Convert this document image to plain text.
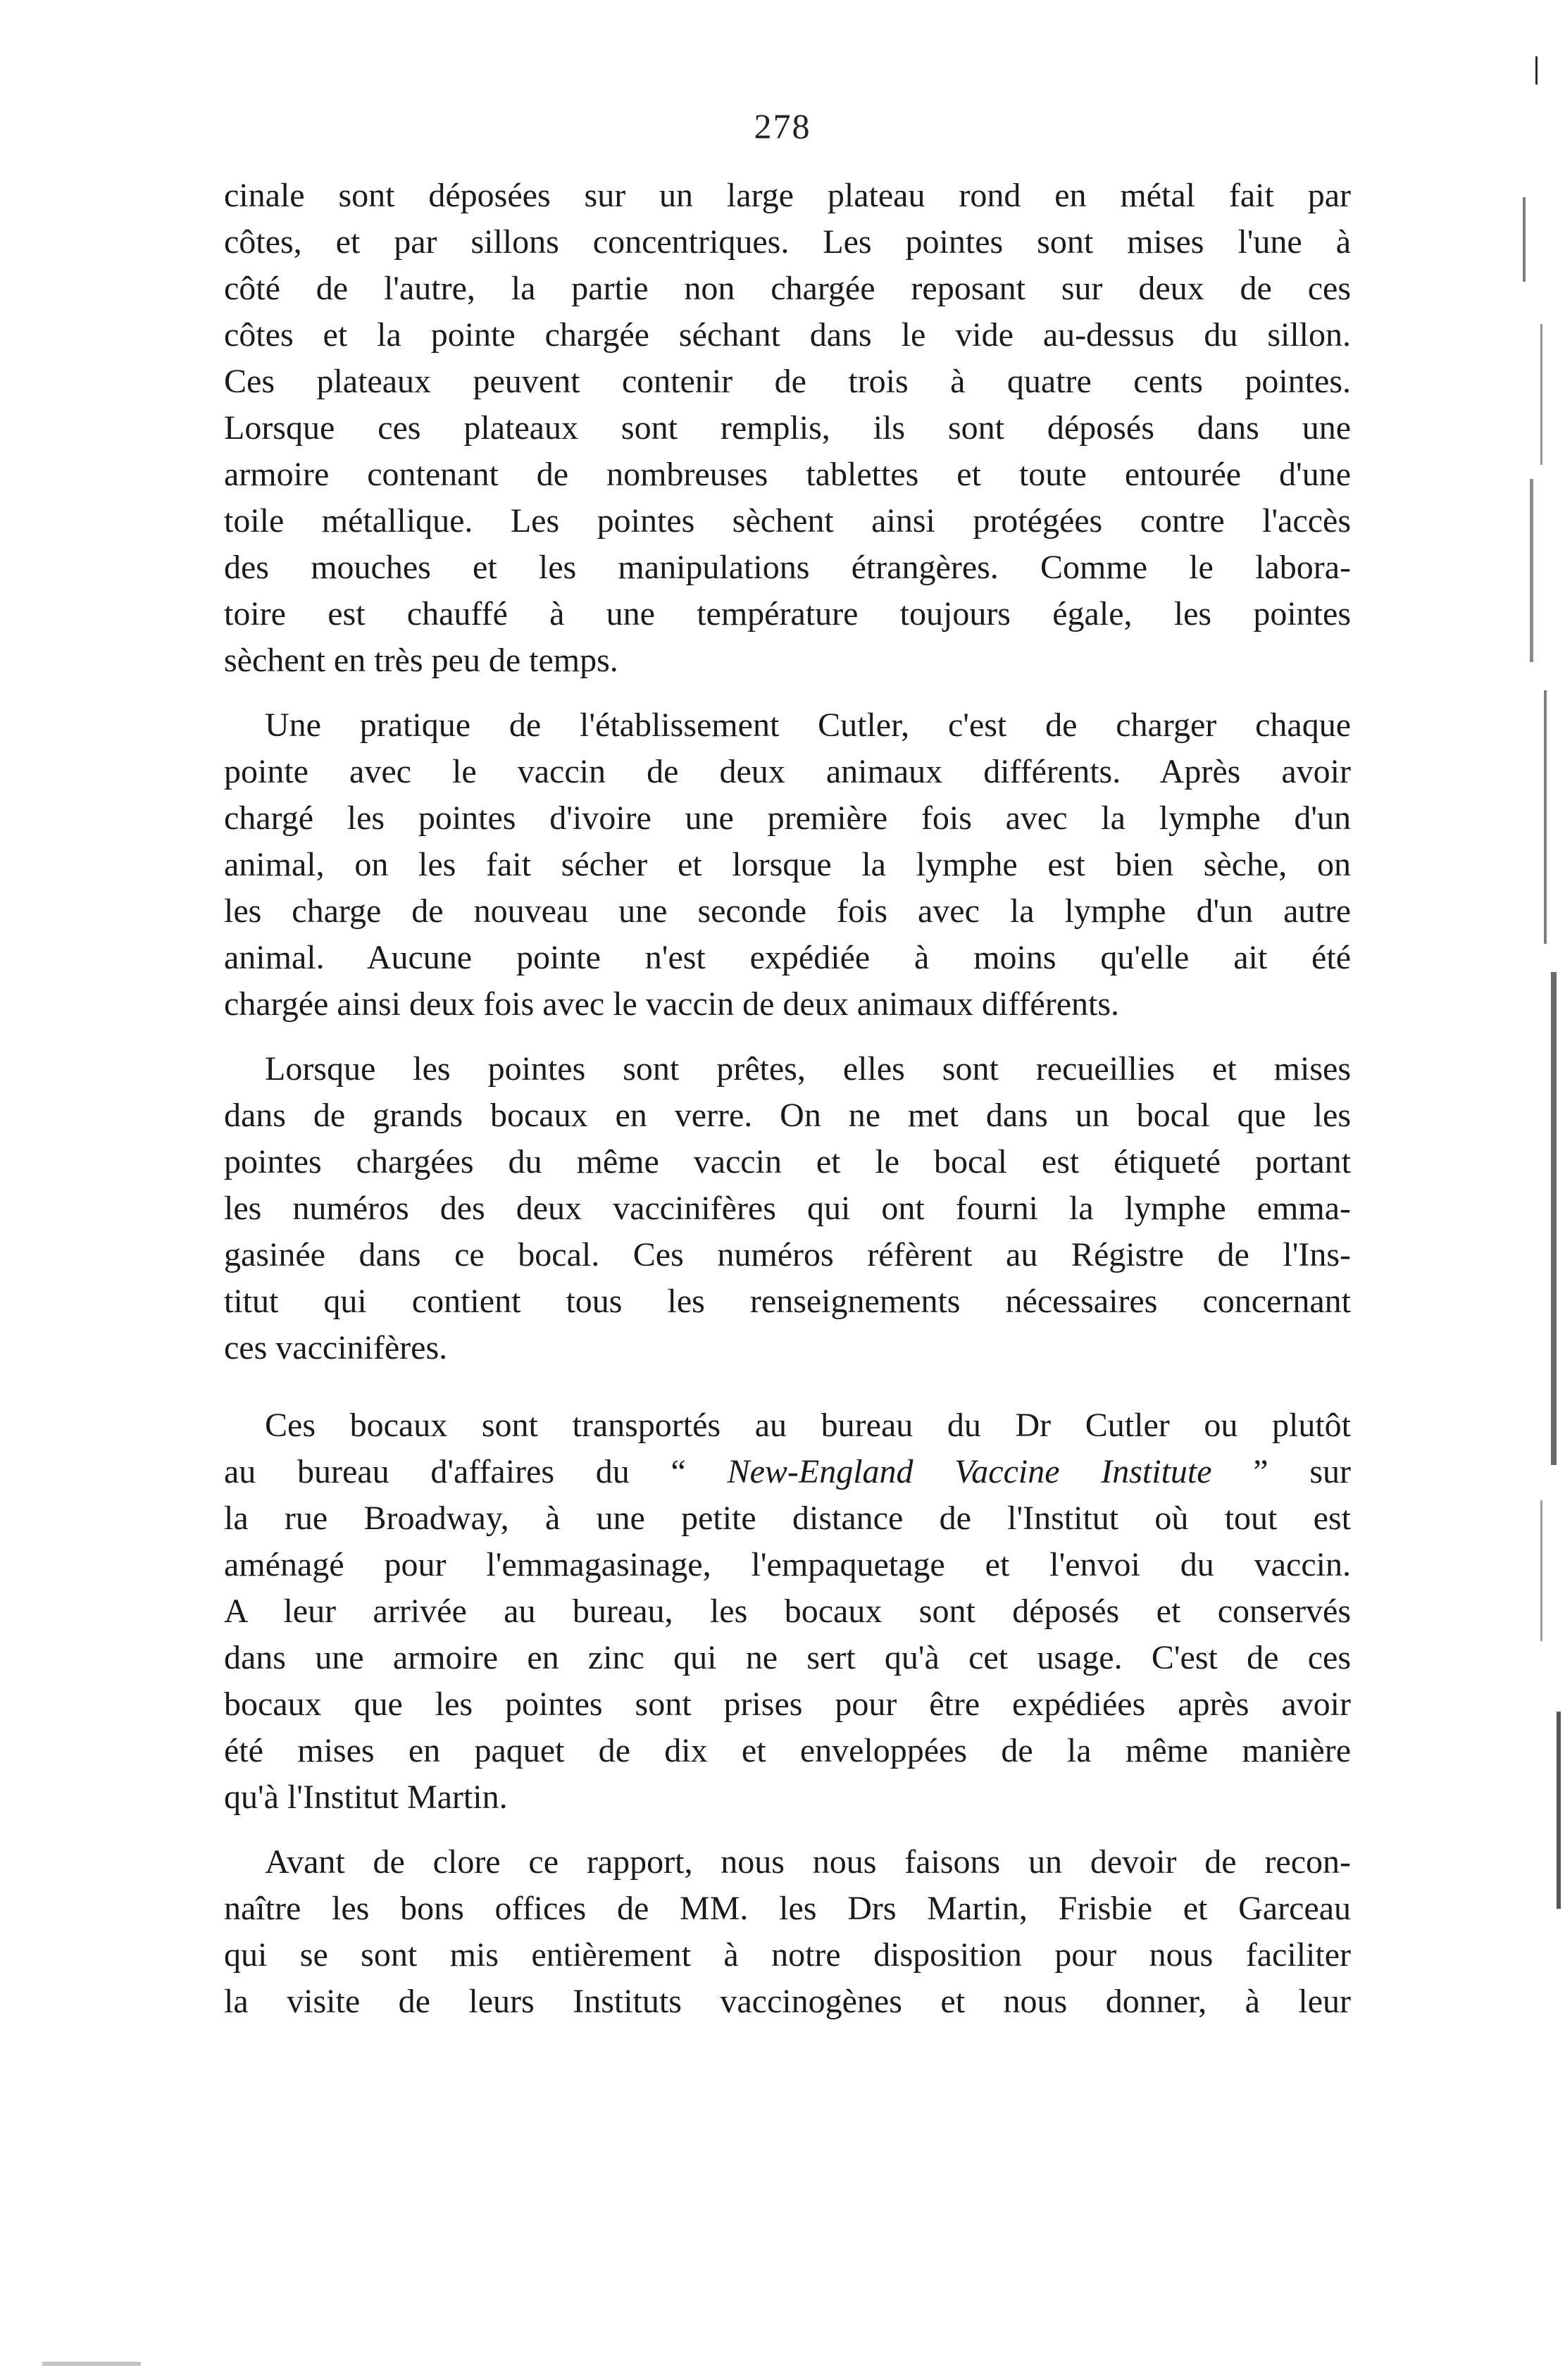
278
cinale sont déposées sur un large plateau rond en métal fait par
côtes, et par sillons concentriques. Les pointes sont mises l'une à
côté de l'autre, la partie non chargée reposant sur deux de ces
côtes et la pointe chargée séchant dans le vide au-dessus du sillon.
Ces plateaux peuvent contenir de trois à quatre cents pointes.
Lorsque ces plateaux sont remplis, ils sont déposés dans une
armoire contenant de nombreuses tablettes et toute entourée d'une
toile métallique. Les pointes sèchent ainsi protégées contre l'accès
des mouches et les manipulations étrangères. Comme le labora-
toire est chauffé à une température toujours égale, les pointes
sèchent en très peu de temps.
Une pratique de l'établissement Cutler, c'est de charger chaque
pointe avec le vaccin de deux animaux différents. Après avoir
chargé les pointes d'ivoire une première fois avec la lymphe d'un
animal, on les fait sécher et lorsque la lymphe est bien sèche, on
les charge de nouveau une seconde fois avec la lymphe d'un autre
animal. Aucune pointe n'est expédiée à moins qu'elle ait été
chargée ainsi deux fois avec le vaccin de deux animaux différents.
Lorsque les pointes sont prêtes, elles sont recueillies et mises
dans de grands bocaux en verre. On ne met dans un bocal que les
pointes chargées du même vaccin et le bocal est étiqueté portant
les numéros des deux vaccinifères qui ont fourni la lymphe emma-
gasinée dans ce bocal. Ces numéros réfèrent au Régistre de l'Ins-
titut qui contient tous les renseignements nécessaires concernant
ces vaccinifères.
Ces bocaux sont transportés au bureau du Dr Cutler ou plutôt
au bureau d'affaires du “ New-England Vaccine Institute ” sur
la rue Broadway, à une petite distance de l'Institut où tout est
aménagé pour l'emmagasinage, l'empaquetage et l'envoi du vaccin.
A leur arrivée au bureau, les bocaux sont déposés et conservés
dans une armoire en zinc qui ne sert qu'à cet usage. C'est de ces
bocaux que les pointes sont prises pour être expédiées après avoir
été mises en paquet de dix et enveloppées de la même manière
qu'à l'Institut Martin.
Avant de clore ce rapport, nous nous faisons un devoir de recon-
naître les bons offices de MM. les Drs Martin, Frisbie et Garceau
qui se sont mis entièrement à notre disposition pour nous faciliter
la visite de leurs Instituts vaccinogènes et nous donner, à leur
